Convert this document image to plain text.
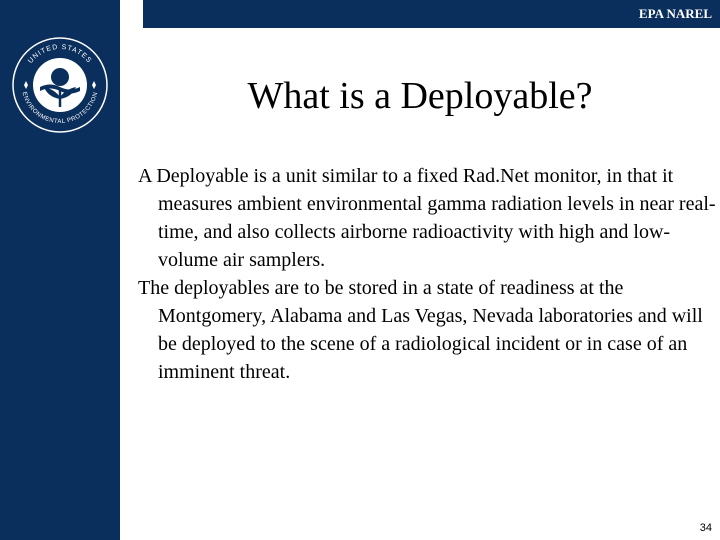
UNITED STATES
ENVIRONMENTAL PROTECTION
EPA NAREL
What is a Deployable?

A Deployable is a unit similar to a fixed Rad.Net monitor, in that it measures ambient environmental gamma radiation levels in near real-time, and also collects airborne radioactivity with high and low-volume air samplers.

The deployables are to be stored in a state of readiness at the Montgomery, Alabama and Las Vegas, Nevada laboratories and will be deployed to the scene of a radiological incident or in case of an imminent threat.

34
